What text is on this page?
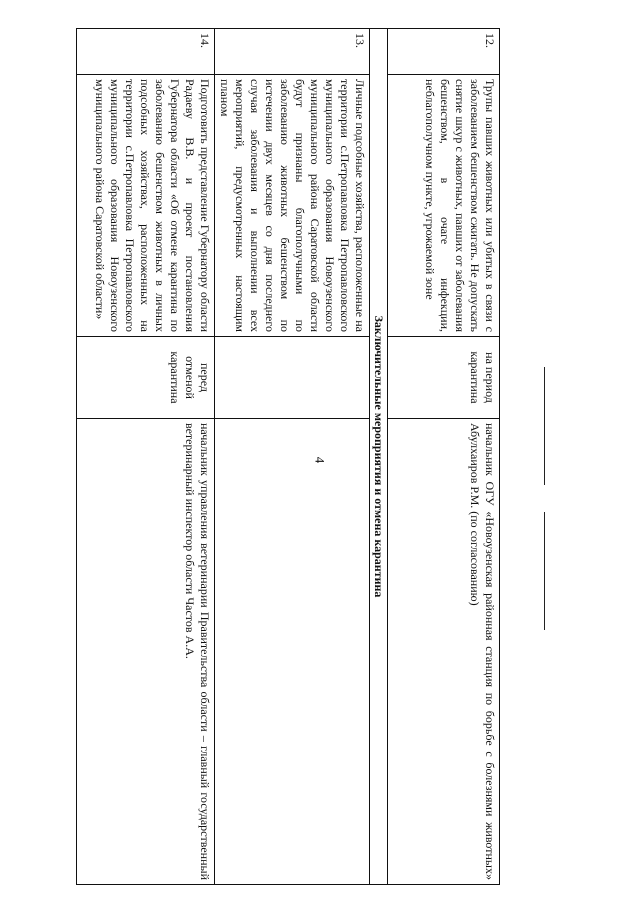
4
12.	Трупы павших животных или убитых в связи с заболеванием бешенством сжигать. Не допускать снятие шкур с животных, павших от заболевания бешенством, в очаге инфекции, неблагополучном пункте, угрожаемой зоне	на период карантина	начальник ОГУ «Новоузенская районная станция по борьбе с болезнями животных» Абулхаиров Р.М. (по согласованию)
Заключительные мероприятия и отмена карантина			
13.	Личные подсобные хозяйства, расположенные на территории с.Петропавловка Петропавловского муниципального образования Новоузенского муниципального района Саратовской области будут признаны благополучными по заболеванию животных бешенством по истечении двух месяцев со дня последнего случая заболевания и выполнении всех мероприятий, предусмотренных настоящим планом		
14.	Подготовить представление Губернатору области Радаеву В.В. и проект постановления Губернатора области «Об отмене карантина по заболеванию бешенством животных в личных подсобных хозяйствах, расположенных на территории с.Петропавловка Петропавловского муниципального образования Новоузенского муниципального района Саратовской области»	перед отменой карантина	начальник управления ветеринарии Правительства области – главный государственный ветеринарный инспектор области Частов А.А.
